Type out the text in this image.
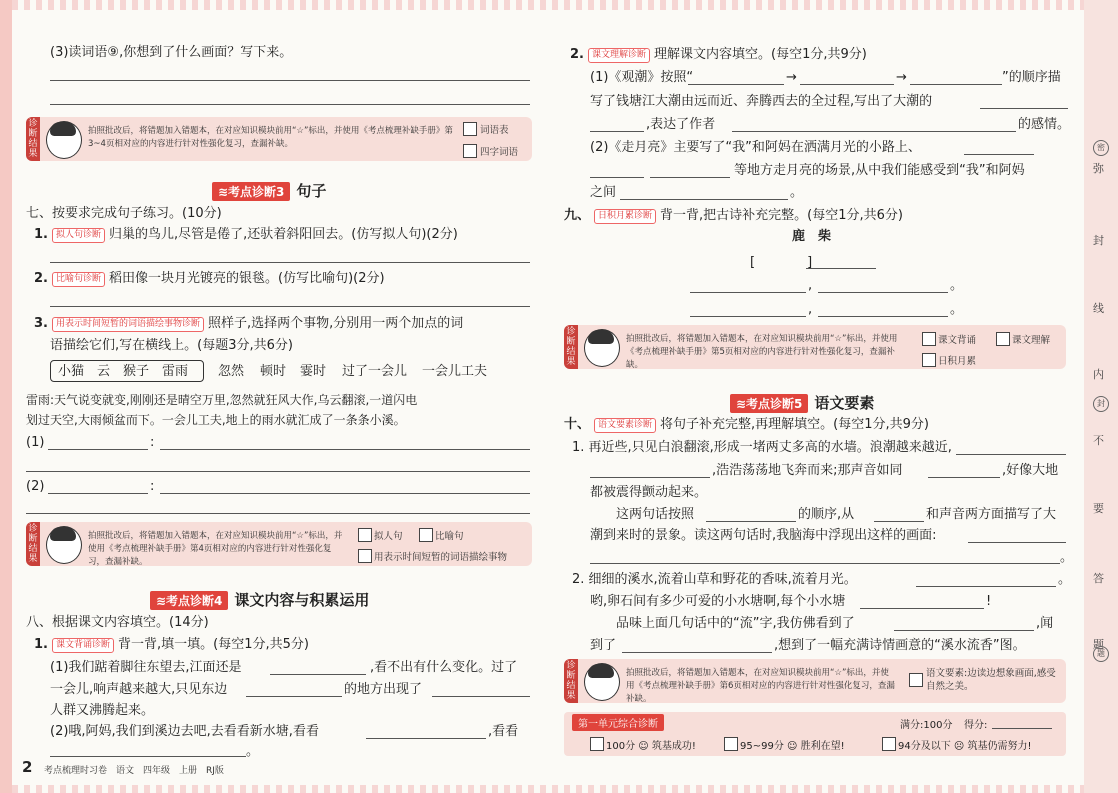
(3)读词语⑨,你想到了什么画面？写下来。
诊断结果
拍照批改后，将错题加入错题本，在对应知识模块前用“☆”标出，并使用《考点梳理补缺手册》第3~4页相对应的内容进行针对性强化复习，查漏补缺。
词语表
四字词语
≋考点诊断3 句子
七、按要求完成句子练习。(10分)
1. 拟人句诊断 归巢的鸟儿,尽管是倦了,还驮着斜阳回去。(仿写拟人句)(2分)
2. 比喻句诊断 稻田像一块月光镀亮的银毯。(仿写比喻句)(2分)
3. 用表示时间短暂的词语描绘事物诊断 照样子,选择两个事物,分别用一两个加点的词
语描绘它们,写在横线上。(每题3分,共6分)
小猫　云　猴子　雷雨 忽然 顿时 霎时 过了一会儿 一会儿工夫
雷雨:天气说变就变,刚刚还是晴空万里,忽然就狂风大作,乌云翻滚,一道闪电
划过天空,大雨倾盆而下。一会儿工夫,地上的雨水就汇成了一条条小溪。
(1)	:
(2)	:
诊断结果
拍照批改后，将错题加入错题本，在对应知识模块前用“☆”标出，并使用《考点梳理补缺手册》第4页相对应的内容进行针对性强化复习，查漏补缺。
拟人句	比喻句
用表示时间短暂的词语描绘事物
≋考点诊断4 课文内容与积累运用
八、根据课文内容填空。(14分)
1. 课文背诵诊断 背一背,填一填。(每空1分,共5分)
(1)我们踮着脚往东望去,江面还是	,看不出有什么变化。过了
一会儿,响声越来越大,只见东边	的地方出现了
人群又沸腾起来。
(2)哦,阿妈,我们到溪边去吧,去看看新水塘,看看	,看看
。
2 考点梳理时习卷　语文　四年级　上册　RJ版
2. 课文理解诊断 理解课文内容填空。(每空1分,共9分)
(1)《观潮》按照“	→	→	”的顺序描
写了钱塘江大潮由远而近、奔腾西去的全过程,写出了大潮的
,表达了作者	的感情。
(2)《走月亮》主要写了“我”和阿妈在洒满月光的小路上、
等地方走月亮的场景,从中我们能感受到“我”和阿妈
之间	。
九、 日积月累诊断 背一背,把古诗补充完整。(每空1分,共6分)
鹿　柴
[　　　　]
,	。
,	。
诊断结果
拍照批改后，将错题加入错题本，在对应知识模块前用“☆”标出，并使用《考点梳理补缺手册》第5页相对应的内容进行针对性强化复习，查漏补缺。
课文背诵	课文理解
日积月累
≋考点诊断5 语文要素
十、 语文要素诊断 将句子补充完整,再理解填空。(每空1分,共9分)
1. 再近些,只见白浪翻滚,形成一堵两丈多高的水墙。浪潮越来越近,
,浩浩荡荡地飞奔而来;那声音如同	,好像大地
都被震得颤动起来。
这两句话按照	的顺序,从	和声音两方面描写了大
潮到来时的景象。读这两句话时,我脑海中浮现出这样的画面:
。
2. 细细的溪水,流着山草和野花的香味,流着月光。	。
哟,卵石间有多少可爱的小水塘啊,每个小水塘	!
品味上面几句话中的“流”字,我仿佛看到了	,闻
到了	,想到了一幅充满诗情画意的“溪水流香”图。
诊断结果
拍照批改后，将错题加入错题本，在对应知识模块前用“☆”标出，并使用《考点梳理补缺手册》第6页相对应的内容进行针对性强化复习，查漏补缺。
语文要素:边读边想象画面,感受自然之美。
第一单元综合诊断	满分:100分 得分:
100分 ☺ 筑基成功!	95~99分 ☺ 胜利在望!	94分及以下 ☹ 筑基仍需努力!
密
弥
封
线
内
封
不
要
答
题
题
